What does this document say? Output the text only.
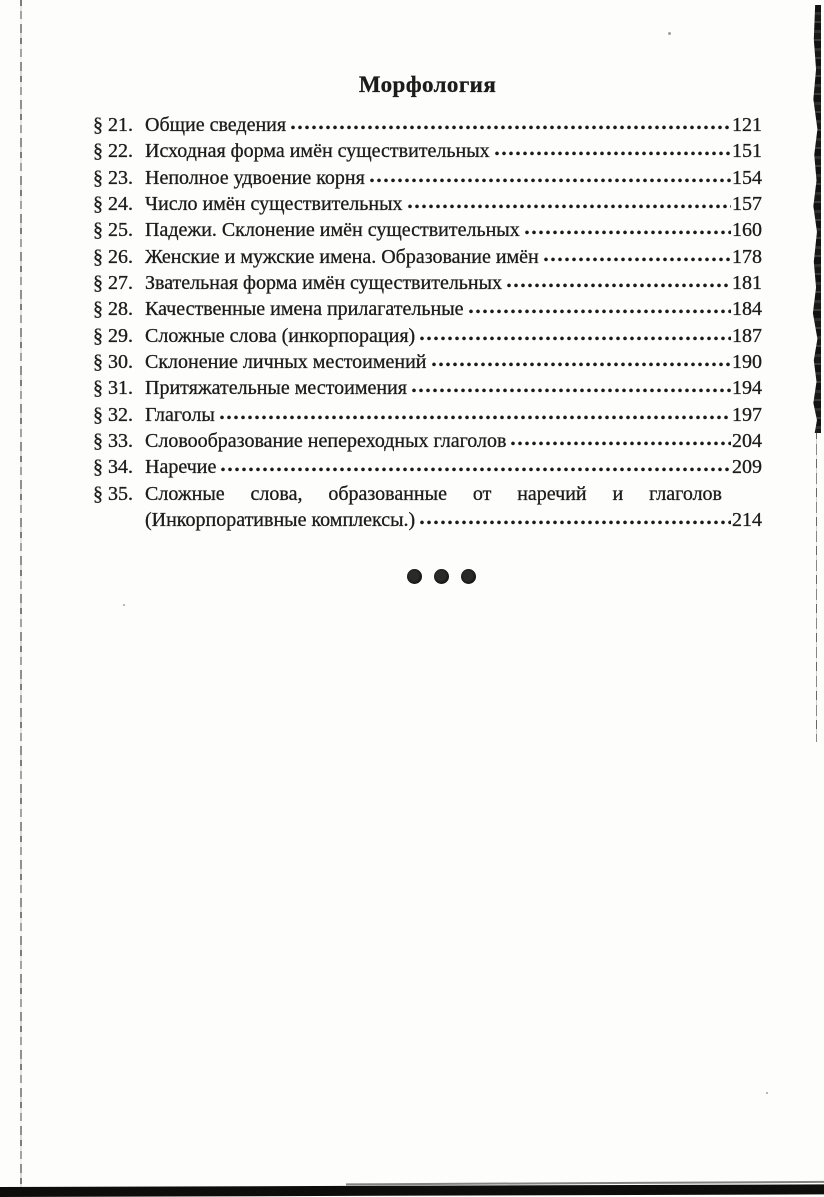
Морфология
§ 21. Общие сведения	121
§ 22. Исходная форма имён существительных	151
§ 23. Неполное удвоение корня	154
§ 24. Число имён существительных	157
§ 25. Падежи. Склонение имён существительных	160
§ 26. Женские и мужские имена. Образование имён	178
§ 27. Звательная форма имён существительных	181
§ 28. Качественные имена прилагательные	184
§ 29. Сложные слова (инкорпорация)	187
§ 30. Склонение личных местоимений	190
§ 31. Притяжательные местоимения	194
§ 32. Глаголы	197
§ 33. Словообразование непереходных глаголов	204
§ 34. Наречие	209
§ 35. Сложные слова, образованные от наречий и глаголов
(Инкорпоративные комплексы.)	214
